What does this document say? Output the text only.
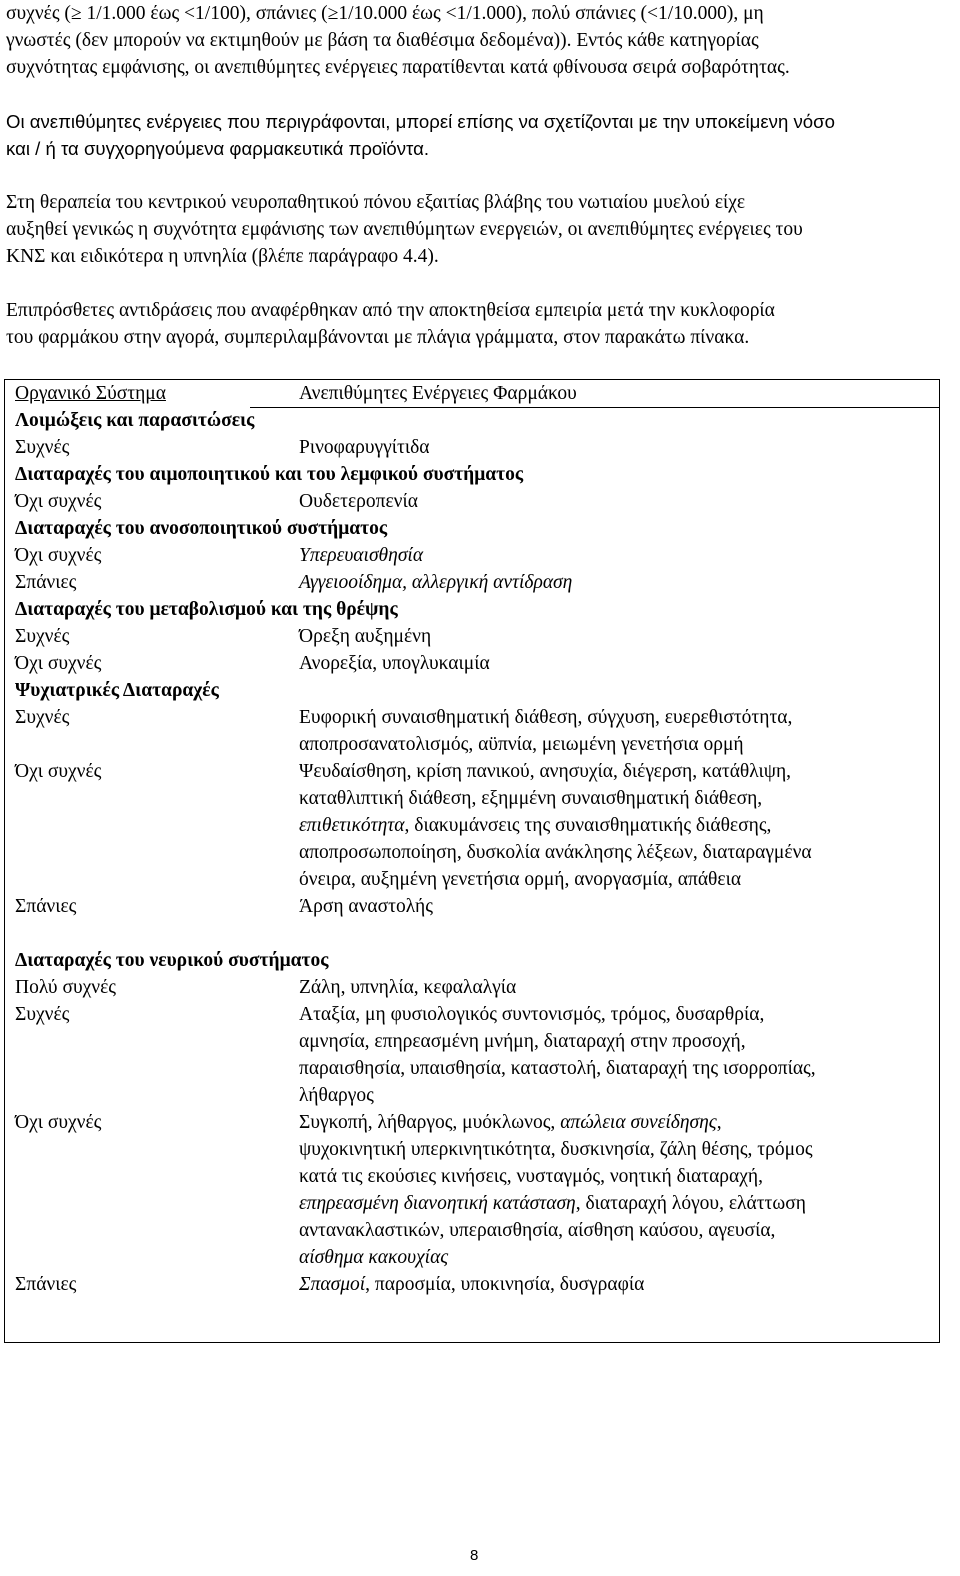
συχνές (≥ 1/1.000 έως <1/100), σπάνιες (≥1/10.000 έως <1/1.000), πολύ σπάνιες (<1/10.000), μη
γνωστές (δεν μπορούν να εκτιμηθούν με βάση τα διαθέσιμα δεδομένα)). Εντός κάθε κατηγορίας
συχνότητας εμφάνισης, οι ανεπιθύμητες ενέργειες παρατίθενται κατά φθίνουσα σειρά σοβαρότητας.

Οι ανεπιθύμητες ενέργειες που περιγράφονται, μπορεί επίσης να σχετίζονται με την υποκείμενη νόσο
και / ή τα συγχορηγούμενα φαρμακευτικά προϊόντα.

Στη θεραπεία του κεντρικού νευροπαθητικού πόνου εξαιτίας βλάβης του νωτιαίου μυελού είχε
αυξηθεί γενικώς η συχνότητα εμφάνισης των ανεπιθύμητων ενεργειών, οι ανεπιθύμητες ενέργειες του
ΚΝΣ και ειδικότερα η υπνηλία (βλέπε παράγραφο 4.4).

Επιπρόσθετες αντιδράσεις που αναφέρθηκαν από την αποκτηθείσα εμπειρία μετά την κυκλοφορία
του φαρμάκου στην αγορά, συμπεριλαμβάνονται με πλάγια γράμματα, στον παρακάτω πίνακα.

Οργανικό Σύστημα	Ανεπιθύμητες Ενέργειες Φαρμάκου
Λοιμώξεις και παρασιτώσεις
Συχνές	Ρινοφαρυγγίτιδα
Διαταραχές του αιμοποιητικού και του λεμφικού συστήματος
Όχι συχνές	Ουδετεροπενία
Διαταραχές του ανοσοποιητικού συστήματος
Όχι συχνές	Υπερευαισθησία
Σπάνιες	Αγγειοοίδημα, αλλεργική αντίδραση
Διαταραχές του μεταβολισμού και της θρέψης
Συχνές	Όρεξη αυξημένη
Όχι συχνές	Ανορεξία, υπογλυκαιμία
Ψυχιατρικές Διαταραχές
Συχνές	Ευφορική συναισθηματική διάθεση, σύγχυση, ευερεθιστότητα,
αποπροσανατολισμός, αϋπνία, μειωμένη γενετήσια ορμή
Όχι συχνές	Ψευδαίσθηση, κρίση πανικού, ανησυχία, διέγερση, κατάθλιψη,
καταθλιπτική διάθεση, εξημμένη συναισθηματική διάθεση,
επιθετικότητα, διακυμάνσεις της συναισθηματικής διάθεσης,
αποπροσωποποίηση, δυσκολία ανάκλησης λέξεων, διαταραγμένα
όνειρα, αυξημένη γενετήσια ορμή, ανοργασμία, απάθεια
Σπάνιες	Άρση αναστολής
Διαταραχές του νευρικού συστήματος
Πολύ συχνές	Ζάλη, υπνηλία, κεφαλαλγία
Συχνές	Αταξία, μη φυσιολογικός συντονισμός, τρόμος, δυσαρθρία,
αμνησία, επηρεασμένη μνήμη, διαταραχή στην προσοχή,
παραισθησία, υπαισθησία, καταστολή, διαταραχή της ισορροπίας,
λήθαργος
Όχι συχνές	Συγκοπή, λήθαργος, μυόκλωνος, απώλεια συνείδησης,
ψυχοκινητική υπερκινητικότητα, δυσκινησία, ζάλη θέσης, τρόμος
κατά τις εκούσιες κινήσεις, νυσταγμός, νοητική διαταραχή,
επηρεασμένη διανοητική κατάσταση, διαταραχή λόγου, ελάττωση
αντανακλαστικών, υπεραισθησία, αίσθηση καύσου, αγευσία,
αίσθημα κακουχίας
Σπάνιες	Σπασμοί, παροσμία, υποκινησία, δυσγραφία
8
